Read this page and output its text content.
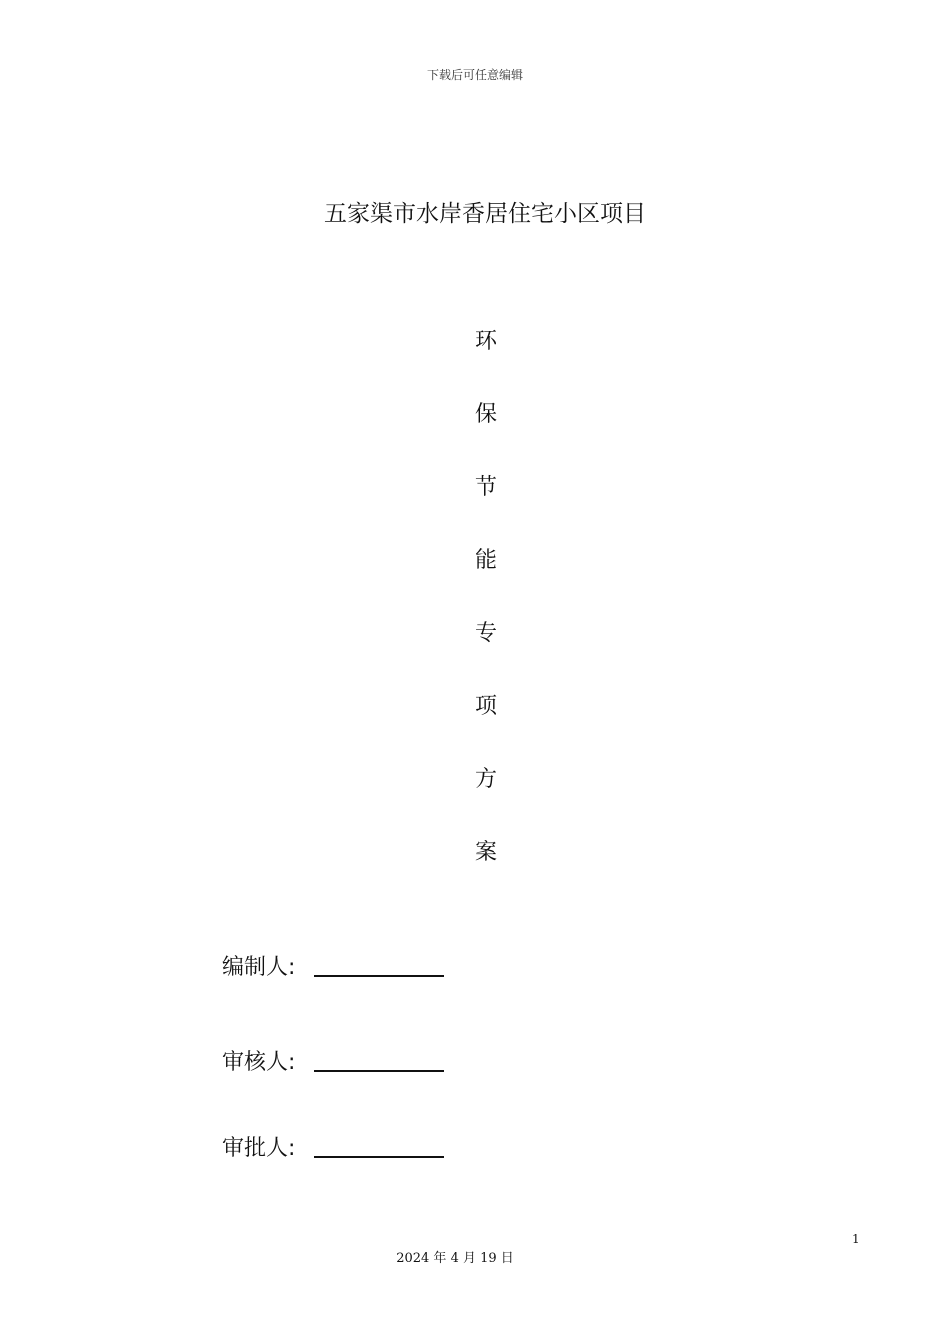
下载后可任意编辑
五家渠市水岸香居住宅小区项目
环
保
节
能
专
项
方
案
编制人:
审核人:
审批人:
1
2024 年 4 月 19 日
